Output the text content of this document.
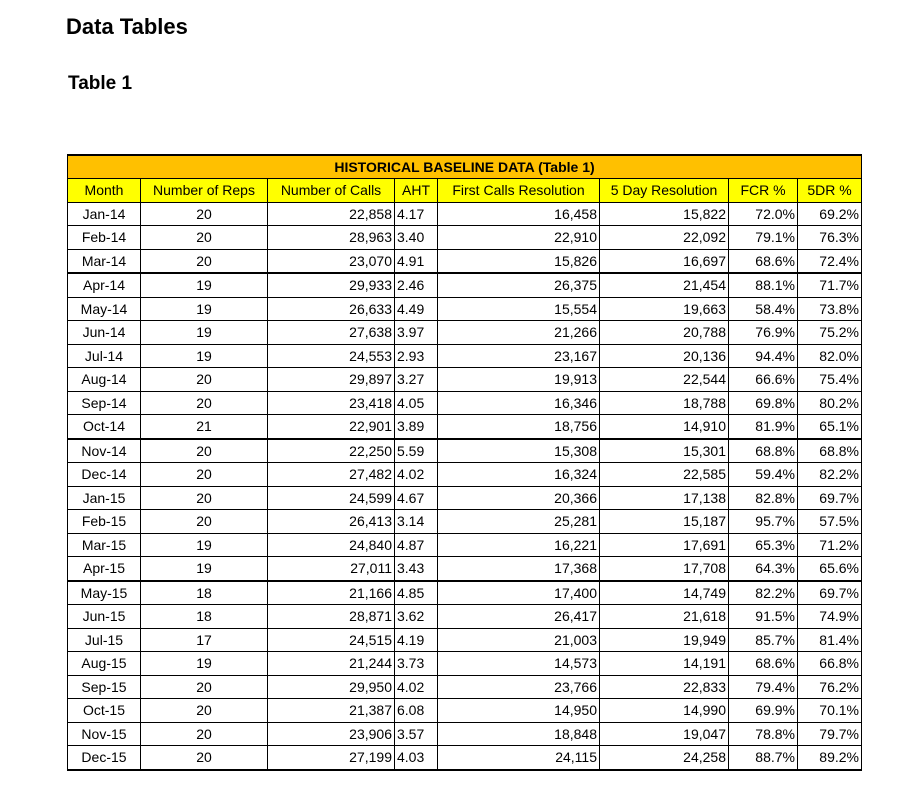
Data Tables
Table 1
HISTORICAL BASELINE DATA (Table 1)							
Month	Number of Reps	Number of Calls	AHT	First Calls Resolution	5 Day Resolution	FCR %	5DR %
Jan-14	20	22,858	4.17	16,458	15,822	72.0%	69.2%
Feb-14	20	28,963	3.40	22,910	22,092	79.1%	76.3%
Mar-14	20	23,070	4.91	15,826	16,697	68.6%	72.4%
Apr-14	19	29,933	2.46	26,375	21,454	88.1%	71.7%
May-14	19	26,633	4.49	15,554	19,663	58.4%	73.8%
Jun-14	19	27,638	3.97	21,266	20,788	76.9%	75.2%
Jul-14	19	24,553	2.93	23,167	20,136	94.4%	82.0%
Aug-14	20	29,897	3.27	19,913	22,544	66.6%	75.4%
Sep-14	20	23,418	4.05	16,346	18,788	69.8%	80.2%
Oct-14	21	22,901	3.89	18,756	14,910	81.9%	65.1%
Nov-14	20	22,250	5.59	15,308	15,301	68.8%	68.8%
Dec-14	20	27,482	4.02	16,324	22,585	59.4%	82.2%
Jan-15	20	24,599	4.67	20,366	17,138	82.8%	69.7%
Feb-15	20	26,413	3.14	25,281	15,187	95.7%	57.5%
Mar-15	19	24,840	4.87	16,221	17,691	65.3%	71.2%
Apr-15	19	27,011	3.43	17,368	17,708	64.3%	65.6%
May-15	18	21,166	4.85	17,400	14,749	82.2%	69.7%
Jun-15	18	28,871	3.62	26,417	21,618	91.5%	74.9%
Jul-15	17	24,515	4.19	21,003	19,949	85.7%	81.4%
Aug-15	19	21,244	3.73	14,573	14,191	68.6%	66.8%
Sep-15	20	29,950	4.02	23,766	22,833	79.4%	76.2%
Oct-15	20	21,387	6.08	14,950	14,990	69.9%	70.1%
Nov-15	20	23,906	3.57	18,848	19,047	78.8%	79.7%
Dec-15	20	27,199	4.03	24,115	24,258	88.7%	89.2%
